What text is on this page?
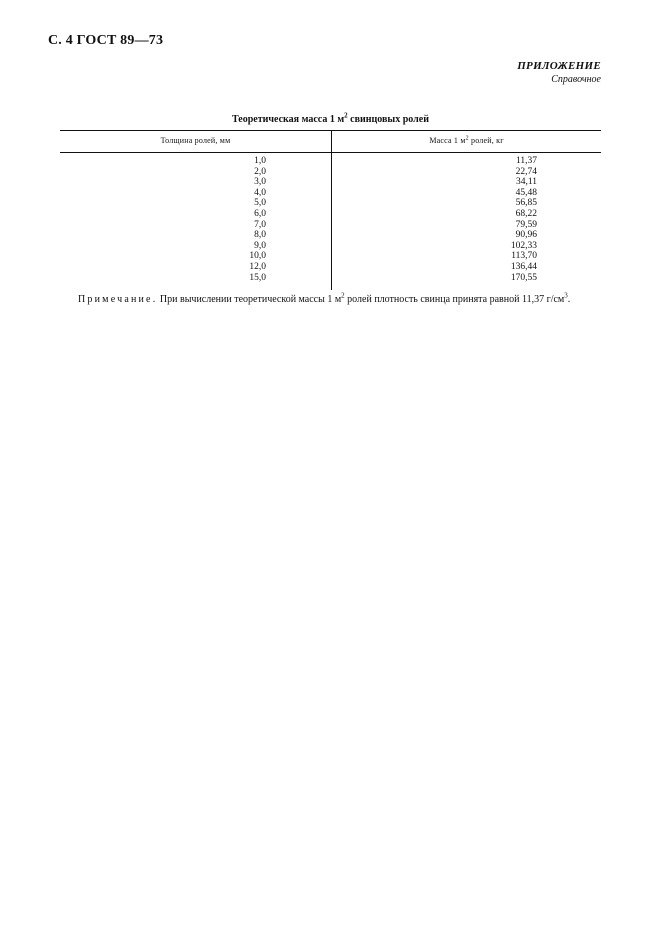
С. 4 ГОСТ 89—73
ПРИЛОЖЕНИЕ
Справочное
Теоретическая масса 1 $м^2$ свинцовых ролей
Толщина ролей, мм	Масса 1 $м^2$ ролей, кг
1,0
2,0
3,0
4,0
5,0
6,0
7,0
8,0
9,0
10,0
12,0
15,0
11,37
22,74
34,11
45,48
56,85
68,22
79,59
90,96
102,33
113,70
136,44
170,55
Примечание. При вычислении теоретической массы 1 $м^2$ ролей плотность свинца принята равной 11,37 $г/см^3$.
